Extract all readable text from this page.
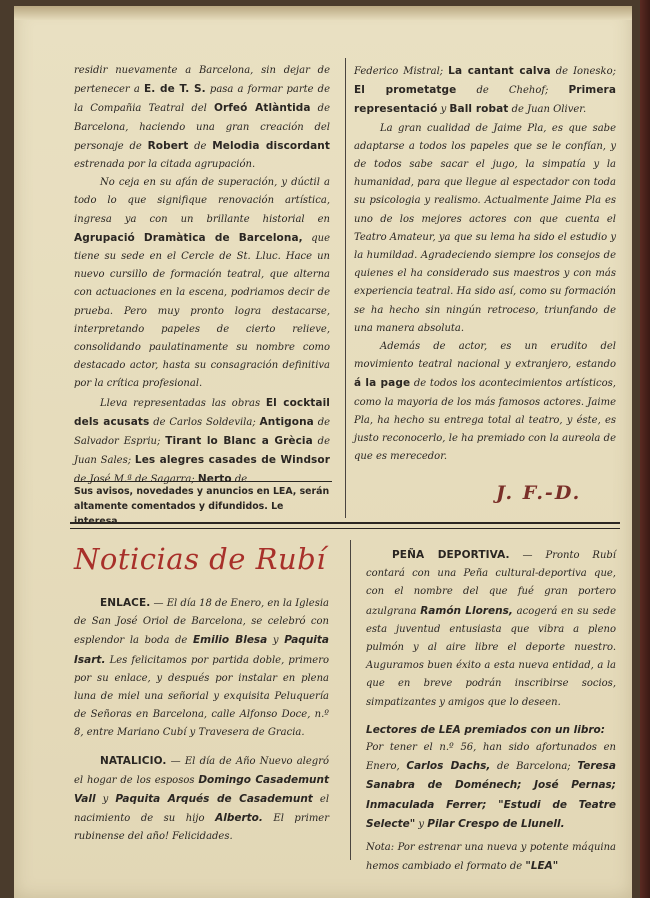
residir nuevamente a Barcelona, sin dejar de pertenecer a E. de T. S. pasa a formar parte de la Compañia Teatral del Orfeó Atlàntida de Barcelona, haciendo una gran creación del personaje de Robert de Melodia discordant estrenada por la citada agrupación.

No ceja en su afán de superación, y dúctil a todo lo que signifique renovación artística, ingresa ya con un brillante historial en Agrupació Dramàtica de Barcelona, que tiene su sede en el Cercle de St. Lluc. Hace un nuevo cursillo de formación teatral, que alterna con actuaciones en la escena, podriamos decir de prueba. Pero muy pronto logra destacarse, interpretando papeles de cierto relieve, consolidando paulatinamente su nombre como destacado actor, hasta su consagración definitiva por la crítica profesional.

Lleva representadas las obras El cocktail dels acusats de Carlos Soldevila; Antigona de Salvador Espriu; Tirant lo Blanc a Grècia de Juan Sales; Les alegres casades de Windsor de José M.ª de Sagarra; Nerto de

Sus avisos, novedades y anuncios en LEA, serán altamente comentados y difundidos. Le

Federico Mistral; La cantant calva de Ionesko; El prometatge de Chehof; Primera representació y Ball robat de Juan Oliver.

La gran cualidad de Jaime Pla, es que sabe adaptarse a todos los papeles que se le confían, y de todos sabe sacar el jugo, la simpatía y la humanidad, para que llegue al espectador con toda su psicologia y realismo. Actualmente Jaime Pla es uno de los mejores actores con que cuenta el Teatro Amateur, ya que su lema ha sido el estudio y la humildad. Agradeciendo siempre los consejos de quienes el ha considerado sus maestros y con más experiencia teatral. Ha sido así, como su formación se ha hecho sin ningún retroceso, triunfando de una manera absoluta.

Además de actor, es un erudito del movimiento teatral nacional y extranjero, estando á la page de todos los acontecimientos artísticos, como la mayoria de los más famosos actores. Jaime Pla, ha hecho su entrega total al teatro, y éste, es justo reconocerlo, le ha premiado con la aureola de que es merecedor.

J. F.-D.
Noticias de Rubí

ENLACE. — El día 18 de Enero, en la Iglesia de San José Oriol de Barcelona, se celebró con esplendor la boda de Emilio Blesa y Paquita Isart. Les felicitamos por partida doble, primero por su enlace, y después por instalar en plena luna de miel una señorial y exquisita Peluquería de Señoras en Barcelona, calle Alfonso Doce, n.º 8, entre Mariano Cubí y Travesera de Gracia.

NATALICIO. — El día de Año Nuevo alegró el hogar de los esposos Domingo Casademunt Vall y Paquita Arqués de Casademunt el nacimiento de su hijo Alberto. El primer rubinense del año! Felicidades.

PEÑA DEPORTIVA. — Pronto Rubí contará con una Peña cultural-deportiva que, con el nombre del que fué gran portero azulgrana Ramón Llorens, acogerá en su sede esta juventud entusiasta que vibra a pleno pulmón y al aire libre el deporte nuestro. Auguramos buen éxito a esta nueva entidad, a la que en breve podrán inscribirse socios, simpatizantes y amigos que lo deseen.

Lectores de LEA premiados con un libro:

Por tener el n.º 56, han sido afortunados en Enero, Carlos Dachs, de Barcelona; Teresa Sanabra de Doménech; José Pernas; Inmaculada Ferrer; "Estudi de Teatre Selecte" y Pilar Crespo de Llunell.

Nota: Por estrenar una nueva y potente máquina hemos cambiado el formato de "LEA"
